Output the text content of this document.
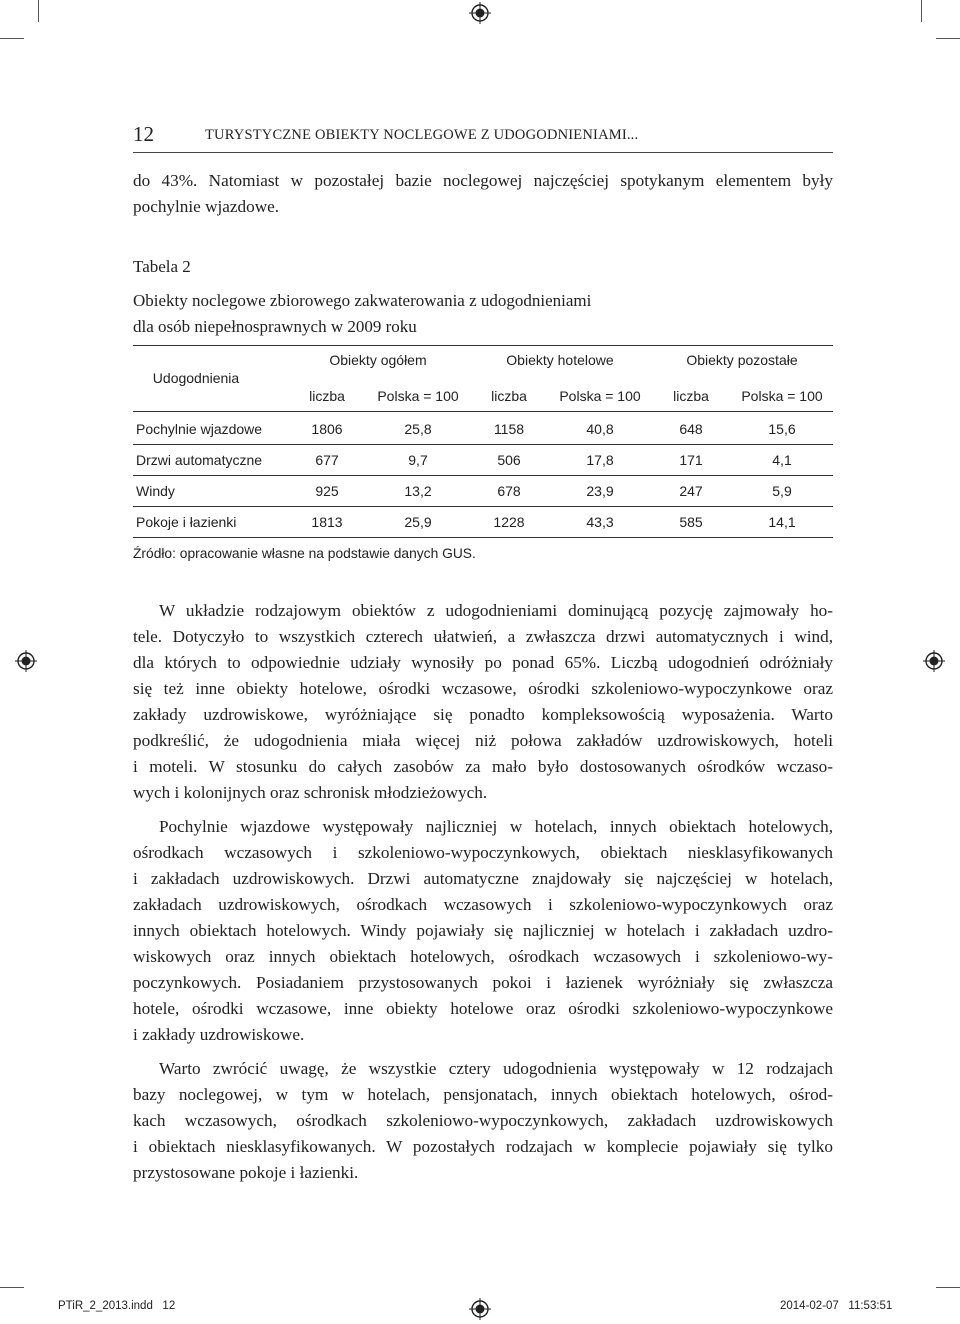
12	TURYSTYCZNE OBIEKTY NOCLEGOWE Z UDOGODNIENIAMI...
do 43%. Natomiast w pozostałej bazie noclegowej najczęściej spotykanym elementem były
pochylnie wjazdowe.
Tabela 2
Obiekty noclegowe zbiorowego zakwaterowania z udogodnieniami
dla osób niepełnosprawnych w 2009 roku
Udogodnienia
Obiekty ogółem	Obiekty hotelowe	Obiekty pozostałe
liczba	Polska = 100	liczba	Polska = 100	liczba	Polska = 100
Pochylnie wjazdowe	1806	25,8	1158	40,8	648	15,6
Drzwi automatyczne	677	9,7	506	17,8	171	4,1
Windy	925	13,2	678	23,9	247	5,9
Pokoje i łazienki	1813	25,9	1228	43,3	585	14,1
Źródło: opracowanie własne na podstawie danych GUS.
W układzie rodzajowym obiektów z udogodnieniami dominującą pozycję zajmowały ho-
tele. Dotyczyło to wszystkich czterech ułatwień, a zwłaszcza drzwi automatycznych i wind,
dla których to odpowiednie udziały wynosiły po ponad 65%. Liczbą udogodnień odróżniały
się też inne obiekty hotelowe, ośrodki wczasowe, ośrodki szkoleniowo-wypoczynkowe oraz
zakłady uzdrowiskowe, wyróżniające się ponadto kompleksowością wyposażenia. Warto
podkreślić, że udogodnienia miała więcej niż połowa zakładów uzdrowiskowych, hoteli
i moteli. W stosunku do całych zasobów za mało było dostosowanych ośrodków wczaso-
wych i kolonijnych oraz schronisk młodzieżowych.
Pochylnie wjazdowe występowały najliczniej w hotelach, innych obiektach hotelowych,
ośrodkach wczasowych i szkoleniowo-wypoczynkowych, obiektach niesklasyfikowanych
i zakładach uzdrowiskowych. Drzwi automatyczne znajdowały się najczęściej w hotelach,
zakładach uzdrowiskowych, ośrodkach wczasowych i szkoleniowo-wypoczynkowych oraz
innych obiektach hotelowych. Windy pojawiały się najliczniej w hotelach i zakładach uzdro-
wiskowych oraz innych obiektach hotelowych, ośrodkach wczasowych i szkoleniowo-wy-
poczynkowych. Posiadaniem przystosowanych pokoi i łazienek wyróżniały się zwłaszcza
hotele, ośrodki wczasowe, inne obiekty hotelowe oraz ośrodki szkoleniowo-wypoczynkowe
i zakłady uzdrowiskowe.
Warto zwrócić uwagę, że wszystkie cztery udogodnienia występowały w 12 rodzajach
bazy noclegowej, w tym w hotelach, pensjonatach, innych obiektach hotelowych, ośrod-
kach wczasowych, ośrodkach szkoleniowo-wypoczynkowych, zakładach uzdrowiskowych
i obiektach niesklasyfikowanych. W pozostałych rodzajach w komplecie pojawiały się tylko
przystosowane pokoje i łazienki.
PTiR_2_2013.indd   12	2014-02-07   11:53:51
